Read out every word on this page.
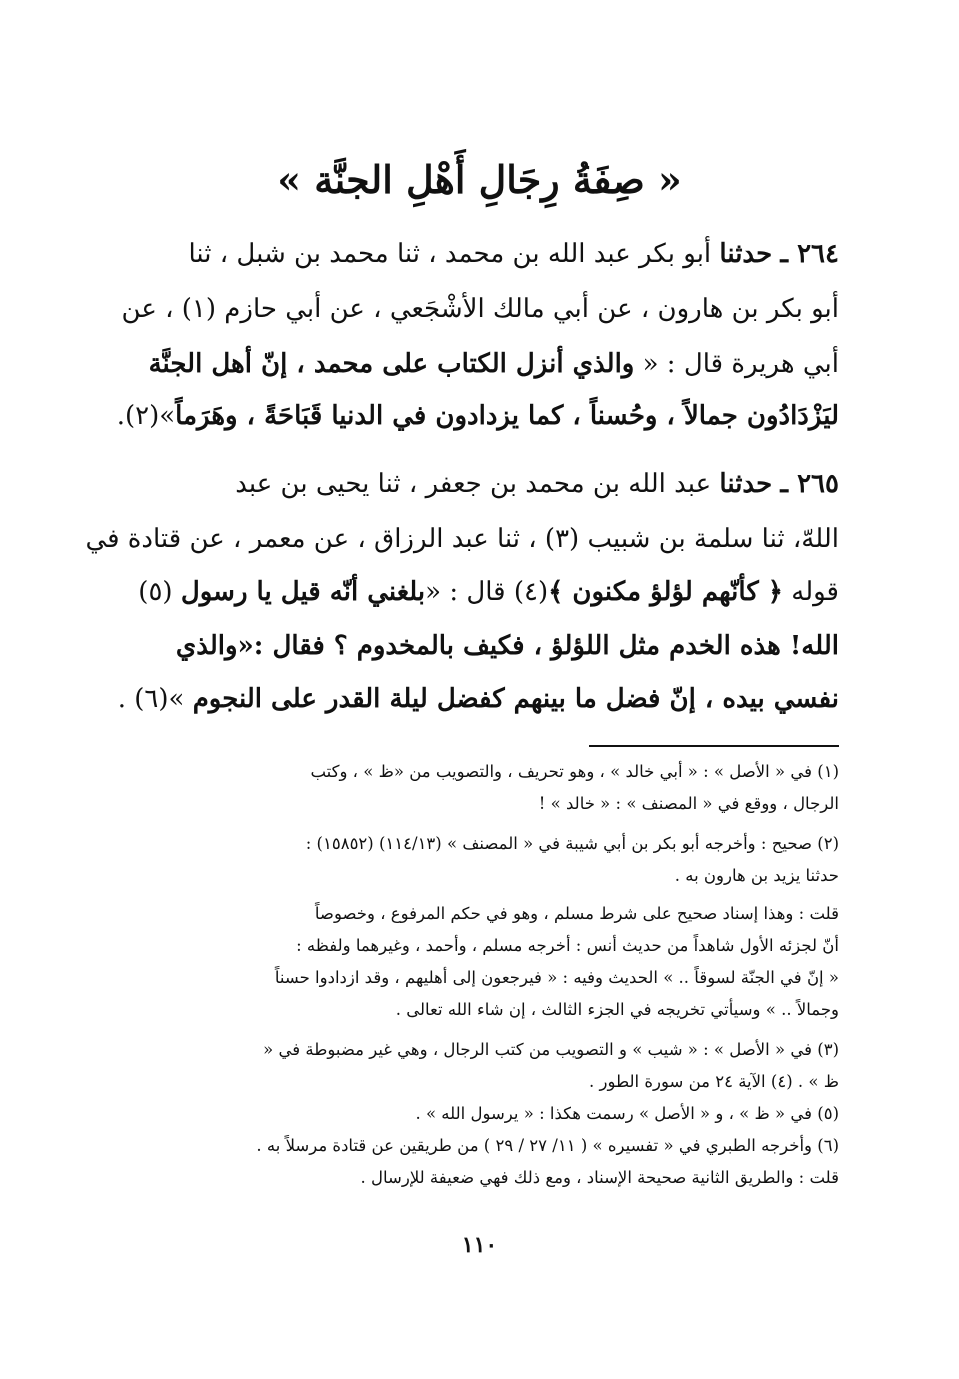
« صِفَةُ رِجَالِ أَهْلِ الجنَّة »
٢٦٤ ـ حدثنا أبو بكر عبد الله بن محمد ، ثنا محمد بن شبل ، ثنا
أبو بكر بن هارون ، عن أبي مالك الأشْجَعي ، عن أبي حازم (١) ، عن
أبي هريرة قال : « والذي أنزل الكتاب على محمد ، إنّ أهل الجنَّة
ليَزْدَادُون جمالاً ، وحُسناً ، كما يزدادون في الدنيا قَبَاحَةً ، وهَرَماً»(٢).
٢٦٥ ـ حدثنا عبد الله بن محمد بن جعفر ، ثنا يحيى بن عبد
اللهّ، ثنا سلمة بن شبيب (٣) ، ثنا عبد الرزاق ، عن معمر ، عن قتادة في
قوله ﴿ كأنّهم لؤلؤ مكنون ﴾(٤) قال : «بلغني أنّه قيل يا رسول (٥)
الله! هذه الخدم مثل اللؤلؤ ، فكيف بالمخدوم ؟ فقال :«والذي
نفسي بيده ، إنّ فضل ما بينهم كفضل ليلة القدر على النجوم »(٦) .
(١) في « الأصل » : « أبي خالد » ، وهو تحريف ، والتصويب من «ظ » ، وكتب
الرجال ، ووقع في « المصنف » : « خالد » !
(٢) صحيح : وأخرجه أبو بكر بن أبي شيبة في « المصنف » (١١٤/١٣) (١٥٨٥٢) :
حدثنا يزيد بن هارون به .
قلت : وهذا إسناد صحيح على شرط مسلم ، وهو في حكم المرفوع ، وخصوصاً
أنّ لجزئه الأول شاهداً من حديث أنس : أخرجه مسلم ، وأحمد ، وغيرهما ولفظه :
« إنّ في الجنّة لسوقاً .. » الحديث وفيه : « فيرجعون إلى أهليهم ، وقد ازدادوا حسناً
وجمالاً .. » وسيأتي تخريجه في الجزء الثالث ، إن شاء الله تعالى .
(٣) في « الأصل » : « شيب » و التصويب من كتب الرجال ، وهي غير مضبوطة في «
ظ » . (٤) الآية ٢٤ من سورة الطور .
(٥) في « ظ » ، و « الأصل » رسمت هكذا : « يرسول الله » .
(٦) وأخرجه الطبري في « تفسيره » ( ١١/ ٢٧ / ٢٩ ) من طريقين عن قتادة مرسلاً به .
قلت : والطريق الثانية صحيحة الإسناد ، ومع ذلك فهي ضعيفة للإرسال .
١١٠
